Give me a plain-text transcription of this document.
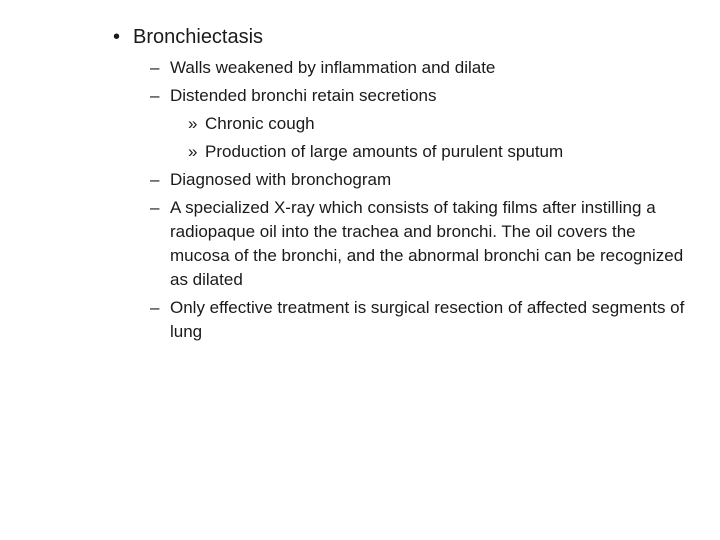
• Bronchiectasis
– Walls weakened by inflammation and dilate
– Distended bronchi retain secretions
» Chronic cough
» Production of large amounts of purulent sputum
– Diagnosed with bronchogram
– A specialized X-ray which consists of taking films after instilling a radiopaque oil into the trachea and bronchi. The oil covers the mucosa of the bronchi, and the abnormal bronchi can be recognized as dilated
– Only effective treatment is surgical resection of affected segments of lung
